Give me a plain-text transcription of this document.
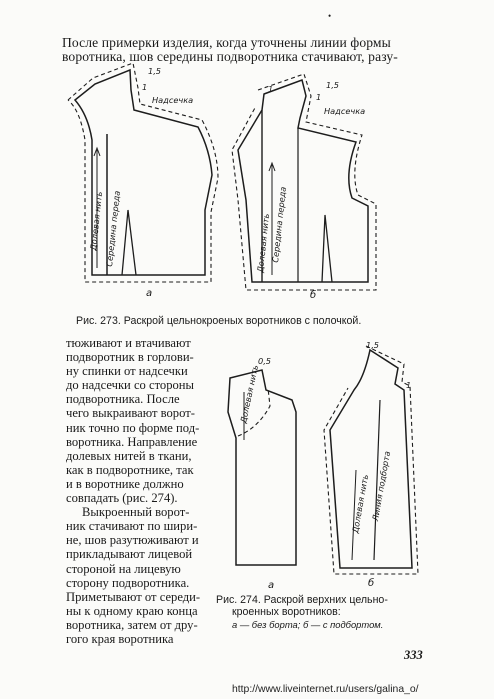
•
После примерки изделия, когда уточнены линии формы
воротника, шов середины подворотника стачивают, разу-
1,5
1
Надсечка
Долевая нить Середина переда
а
1,5
1
1
Надсечка
Долевая нить
Середина переда
б
Рис. 273. Раскрой цельнокроеных воротников с полочкой.
тюживают и втачивают
подворотник в горлови-
ну спинки от надсечки
до надсечки со стороны
подворотника. После
чего выкраивают ворот-
ник точно по форме под-
воротника. Направление
долевых нитей в ткани,
как в подворотнике, так
и в воротнике должно
совпадать (рис. 274).
Выкроенный ворот-
ник стачивают по шири-
не, шов разутюживают и
прикладывают лицевой
стороной на лицевую
сторону подворотника.
Приметывают от середи-
ны к одному краю конца
воротника, затем от дру-
гого края воротника
0,5
Долевая нить
а
1,5
1
Долевая нить Линия подборта
б
Рис. 274. Раскрой верхних цельно-
кроенных воротников:
а — без борта; б — с подбортом.
333
http://www.liveinternet.ru/users/galina_o/
